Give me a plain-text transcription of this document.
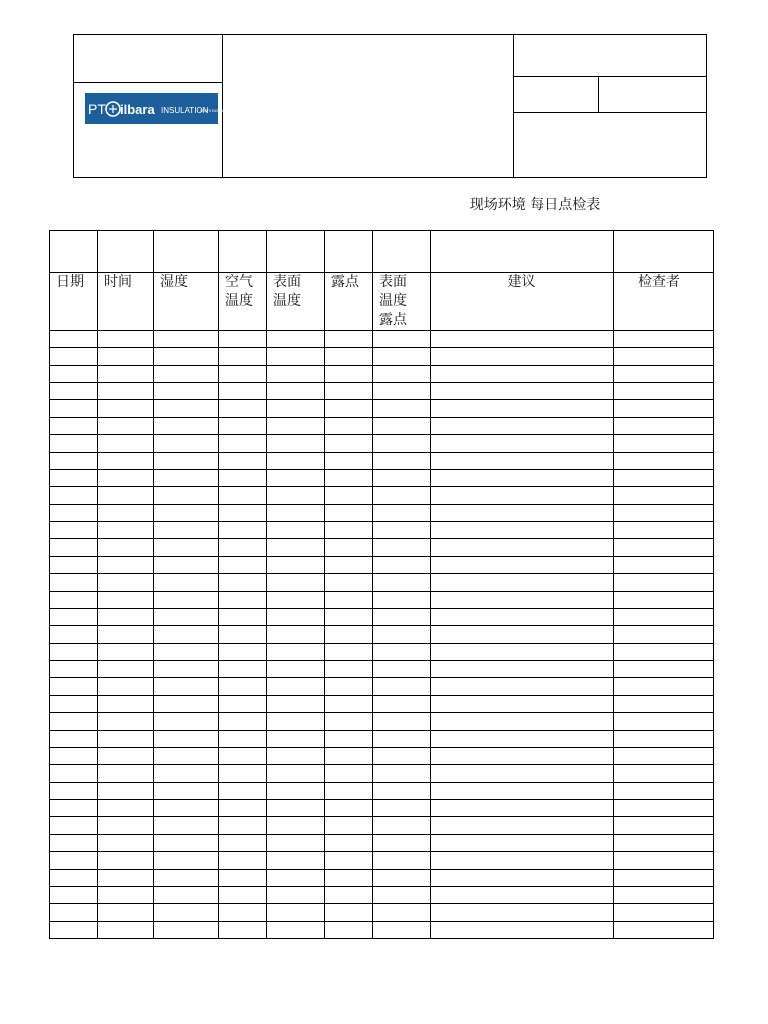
PT ilbara INSULATION
SOUTH EAST ASIA
现场环境 每日点检表
日期 时间 湿度	空气
温度
表面
温度
露点 表面
温度
露点
建议	检查者
